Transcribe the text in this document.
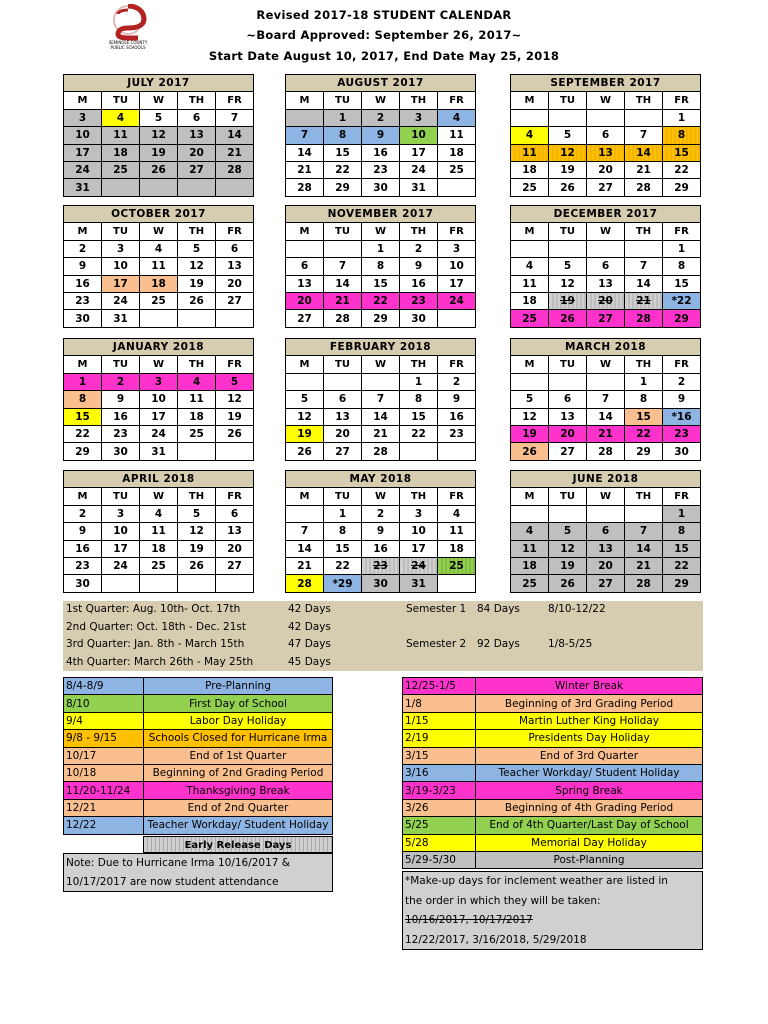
SEMINOLE COUNTY
PUBLIC SCHOOLS
Revised 2017-18 STUDENT CALENDAR
~Board Approved: September 26, 2017~
Start Date August 10, 2017, End Date May 25, 2018
JULY 2017				
M	TU	W	TH	FR
3	4	5	6	7
10	11	12	13	14
17	18	19	20	21
24	25	26	27	28
31				
AUGUST 2017				
M	TU	W	TH	FR
	1	2	3	4
7	8	9	10	11
14	15	16	17	18
21	22	23	24	25
28	29	30	31	
SEPTEMBER 2017				
M	TU	W	TH	FR
				1
4	5	6	7	8
11	12	13	14	15
18	19	20	21	22
25	26	27	28	29
OCTOBER 2017				
M	TU	W	TH	FR
2	3	4	5	6
9	10	11	12	13
16	17	18	19	20
23	24	25	26	27
30	31			
NOVEMBER 2017				
M	TU	W	TH	FR
		1	2	3
6	7	8	9	10
13	14	15	16	17
20	21	22	23	24
27	28	29	30	
DECEMBER 2017				
M	TU	W	TH	FR
				1
4	5	6	7	8
11	12	13	14	15
18	19	20	21	*22
25	26	27	28	29
JANUARY 2018				
M	TU	W	TH	FR
1	2	3	4	5
8	9	10	11	12
15	16	17	18	19
22	23	24	25	26
29	30	31		
FEBRUARY 2018				
M	TU	W	TH	FR
			1	2
5	6	7	8	9
12	13	14	15	16
19	20	21	22	23
26	27	28		
MARCH 2018				
M	TU	W	TH	FR
			1	2
5	6	7	8	9
12	13	14	15	*16
19	20	21	22	23
26	27	28	29	30
APRIL 2018				
M	TU	W	TH	FR
2	3	4	5	6
9	10	11	12	13
16	17	18	19	20
23	24	25	26	27
30				
MAY 2018				
M	TU	W	TH	FR
	1	2	3	4
7	8	9	10	11
14	15	16	17	18
21	22	23	24	25
28	*29	30	31	
JUNE 2018				
M	TU	W	TH	FR
				1
4	5	6	7	8
11	12	13	14	15
18	19	20	21	22
25	26	27	28	29
1st Quarter: Aug. 10th- Oct. 17th	42 Days	Semester 1 84 Days	8/10-12/22
2nd Quarter: Oct. 18th - Dec. 21st	42 Days
3rd Quarter: Jan. 8th - March 15th	47 Days	Semester 2 92 Days	1/8-5/25
4th Quarter: March 26th - May 25th	45 Days
8/4-8/9	Pre-Planning
8/10	First Day of School
9/4	Labor Day Holiday
9/8 - 9/15	Schools Closed for Hurricane Irma
10/17	End of 1st Quarter
10/18	Beginning of 2nd Grading Period
11/20-11/24	Thanksgiving Break
12/21	End of 2nd Quarter
12/22	Teacher Workday/ Student Holiday
Early Release Days
Note: Due to Hurricane Irma 10/16/2017 &
10/17/2017 are now student attendance
12/25-1/5	Winter Break
1/8	Beginning of 3rd Grading Period
1/15	Martin Luther King Holiday
2/19	Presidents Day Holiday
3/15	End of 3rd Quarter
3/16	Teacher Workday/ Student Holiday
3/19-3/23	Spring Break
3/26	Beginning of 4th Grading Period
5/25	End of 4th Quarter/Last Day of School
5/28	Memorial Day Holiday
5/29-5/30	Post-Planning
*Make-up days for inclement weather are listed in
the order in which they will be taken:
10/16/2017, 10/17/2017
12/22/2017, 3/16/2018, 5/29/2018
